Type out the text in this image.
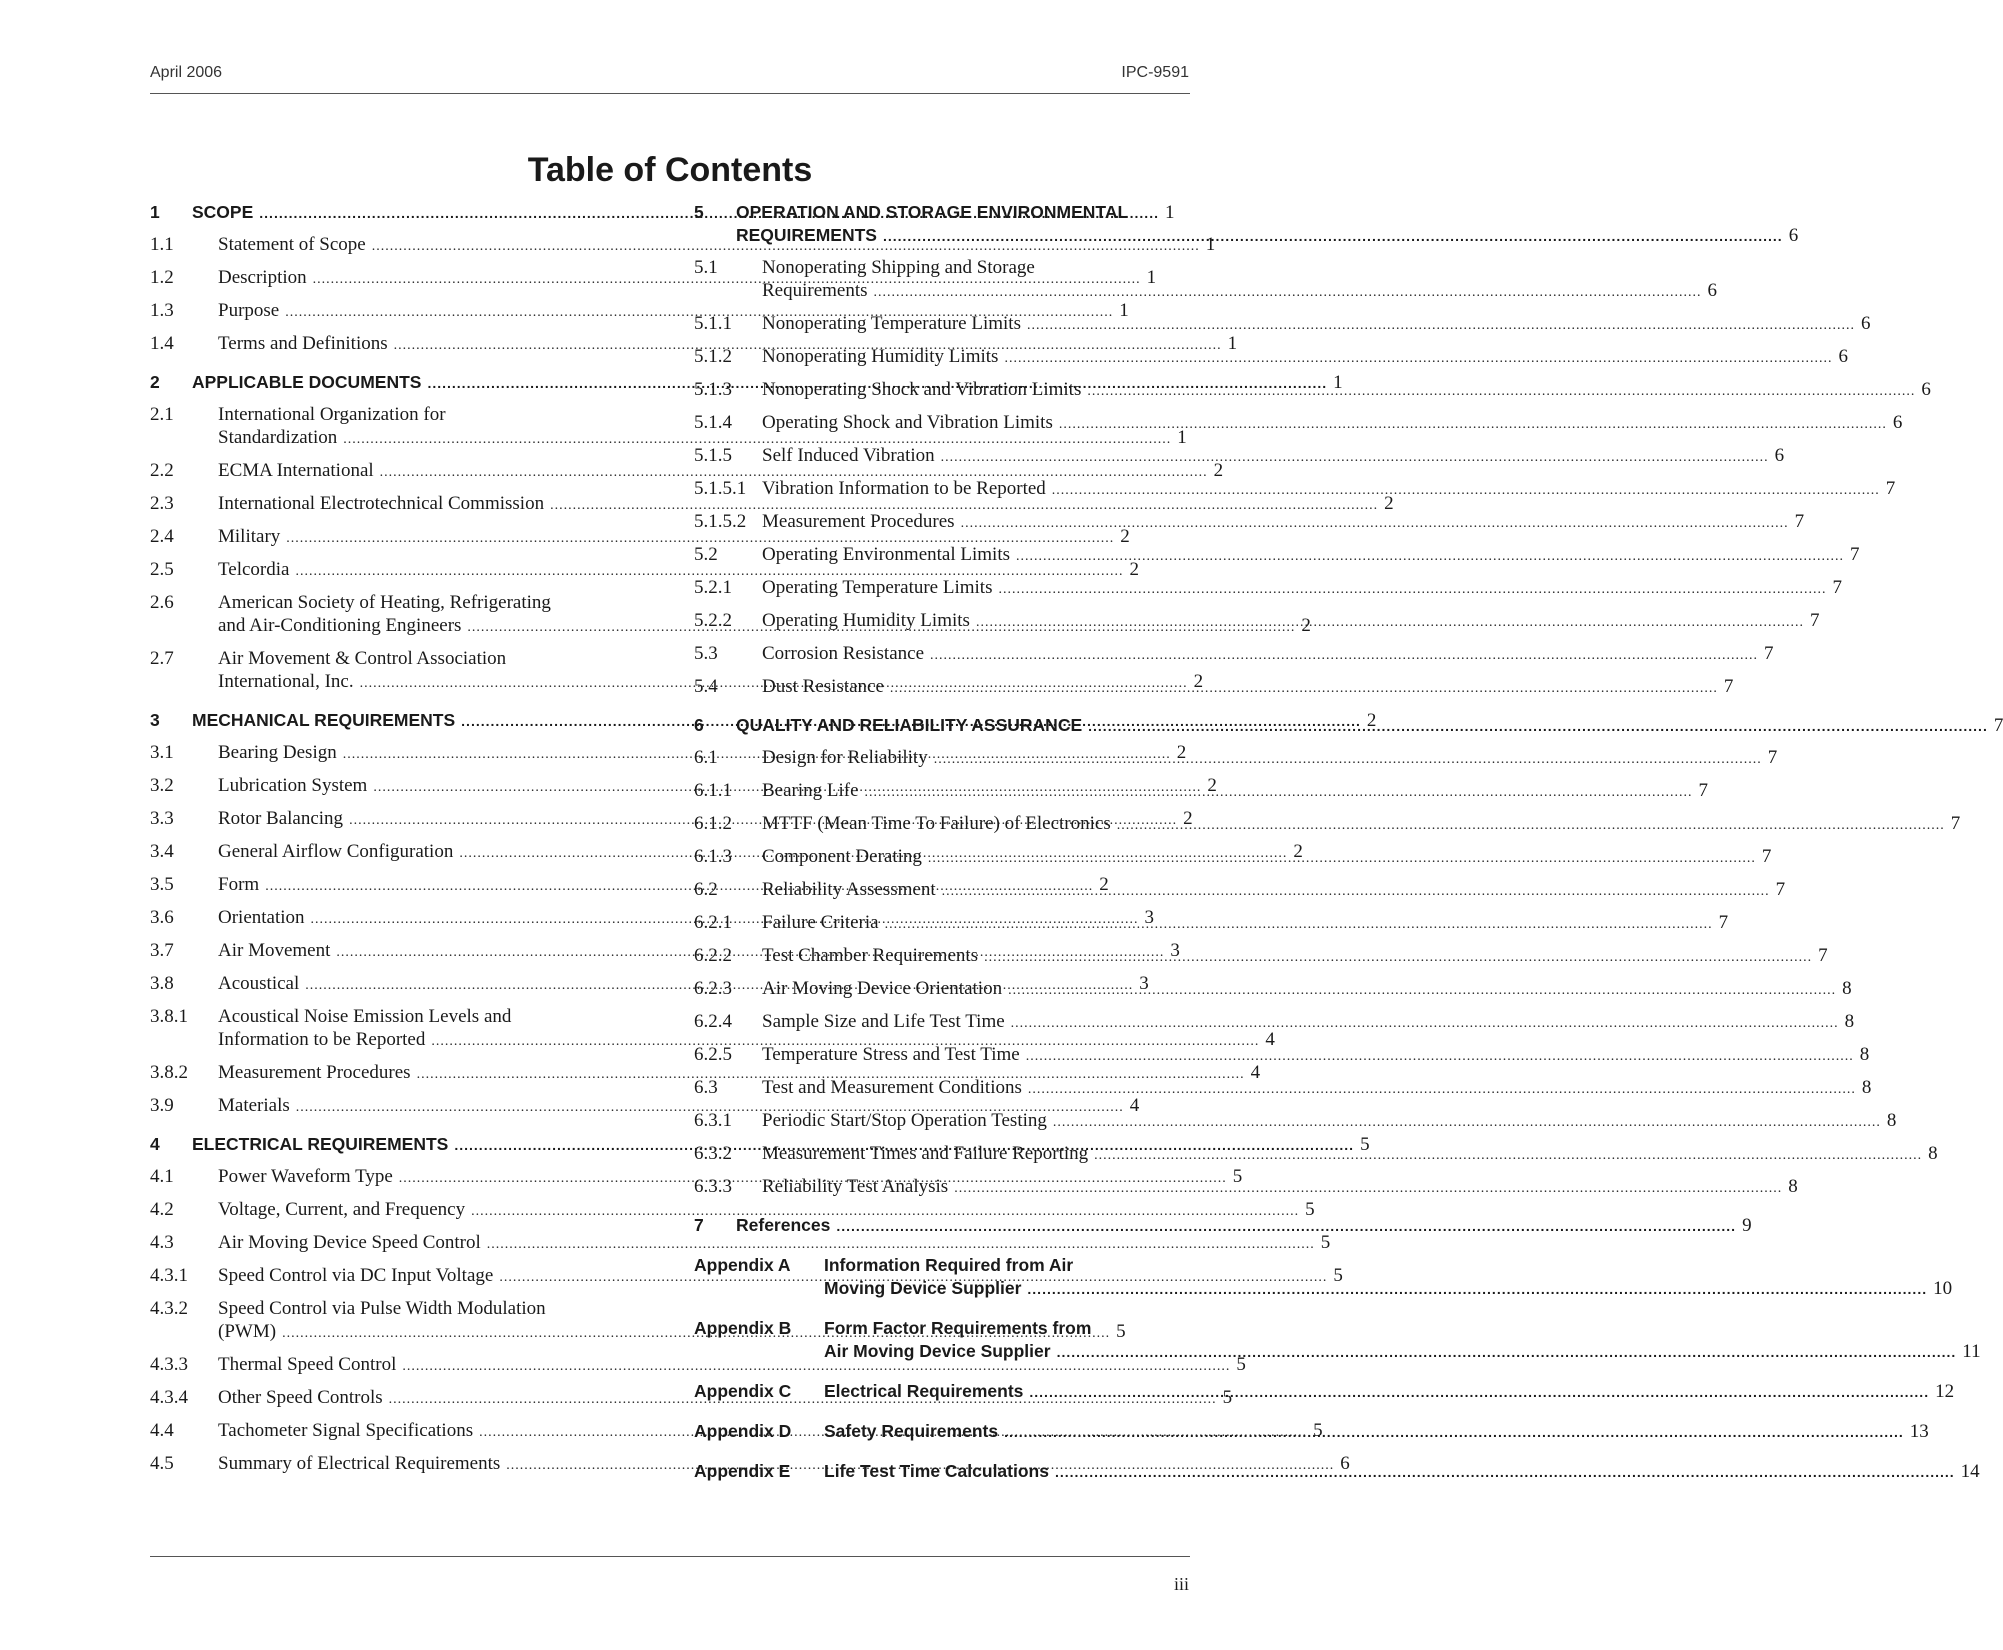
April 2006	IPC-9591
Table of Contents
1	SCOPE .....	1
1.1	Statement of Scope .....	1
1.2	Description .....	1
1.3	Purpose .....	1
1.4	Terms and Definitions .....	1
2	APPLICABLE DOCUMENTS .....	1
2.1	International Organization for
Standardization .....	1
2.2	ECMA International .....	2
2.3	International Electrotechnical Commission .....	2
2.4	Military .....	2
2.5	Telcordia .....	2
2.6	American Society of Heating, Refrigerating
and Air-Conditioning Engineers .....	2
2.7	Air Movement & Control Association
International, Inc. .....	2
3	MECHANICAL REQUIREMENTS .....	2
3.1	Bearing Design .....	2
3.2	Lubrication System .....	2
3.3	Rotor Balancing .....	2
3.4	General Airflow Configuration .....	2
3.5	Form .....	2
3.6	Orientation .....	3
3.7	Air Movement .....	3
3.8	Acoustical .....	3
3.8.1	Acoustical Noise Emission Levels and
Information to be Reported .....	4
3.8.2	Measurement Procedures .....	4
3.9	Materials .....	4
4	ELECTRICAL REQUIREMENTS .....	5
4.1	Power Waveform Type .....	5
4.2	Voltage, Current, and Frequency .....	5
4.3	Air Moving Device Speed Control .....	5
4.3.1	Speed Control via DC Input Voltage .....	5
4.3.2	Speed Control via Pulse Width Modulation
(PWM) .....	5
4.3.3	Thermal Speed Control .....	5
4.3.4	Other Speed Controls .....	5
4.4	Tachometer Signal Specifications .....	5
4.5	Summary of Electrical Requirements .....	6
5	OPERATION AND STORAGE ENVIRONMENTAL
REQUIREMENTS .....	6
5.1	Nonoperating Shipping and Storage
Requirements .....	6
5.1.1	Nonoperating Temperature Limits .....	6
5.1.2	Nonoperating Humidity Limits .....	6
5.1.3	Nonoperating Shock and Vibration Limits .....	6
5.1.4	Operating Shock and Vibration Limits .....	6
5.1.5	Self Induced Vibration .....	6
5.1.5.1 Vibration Information to be Reported .....	7
5.1.5.2 Measurement Procedures .....	7
5.2	Operating Environmental Limits .....	7
5.2.1	Operating Temperature Limits .....	7
5.2.2	Operating Humidity Limits .....	7
5.3	Corrosion Resistance .....	7
5.4	Dust Resistance .....	7
6	QUALITY AND RELIABILITY ASSURANCE .....	7
6.1	Design for Reliability .....	7
6.1.1	Bearing Life .....	7
6.1.2	MTTF (Mean Time To Failure) of Electronics .....	7
6.1.3	Component Derating .....	7
6.2	Reliability Assessment .....	7
6.2.1	Failure Criteria .....	7
6.2.2	Test Chamber Requirements .....	7
6.2.3	Air Moving Device Orientation .....	8
6.2.4	Sample Size and Life Test Time .....	8
6.2.5	Temperature Stress and Test Time .....	8
6.3	Test and Measurement Conditions .....	8
6.3.1	Periodic Start/Stop Operation Testing .....	8
6.3.2	Measurement Times and Failure Reporting .....	8
6.3.3	Reliability Test Analysis .....	8
7	References .....	9
Appendix A	Information Required from Air
Moving Device Supplier .....	10
Appendix B	Form Factor Requirements from
Air Moving Device Supplier .....	11
Appendix C	Electrical Requirements .....	12
Appendix D	Safety Requirements .....	13
Appendix E	Life Test Time Calculations .....	14
iii
